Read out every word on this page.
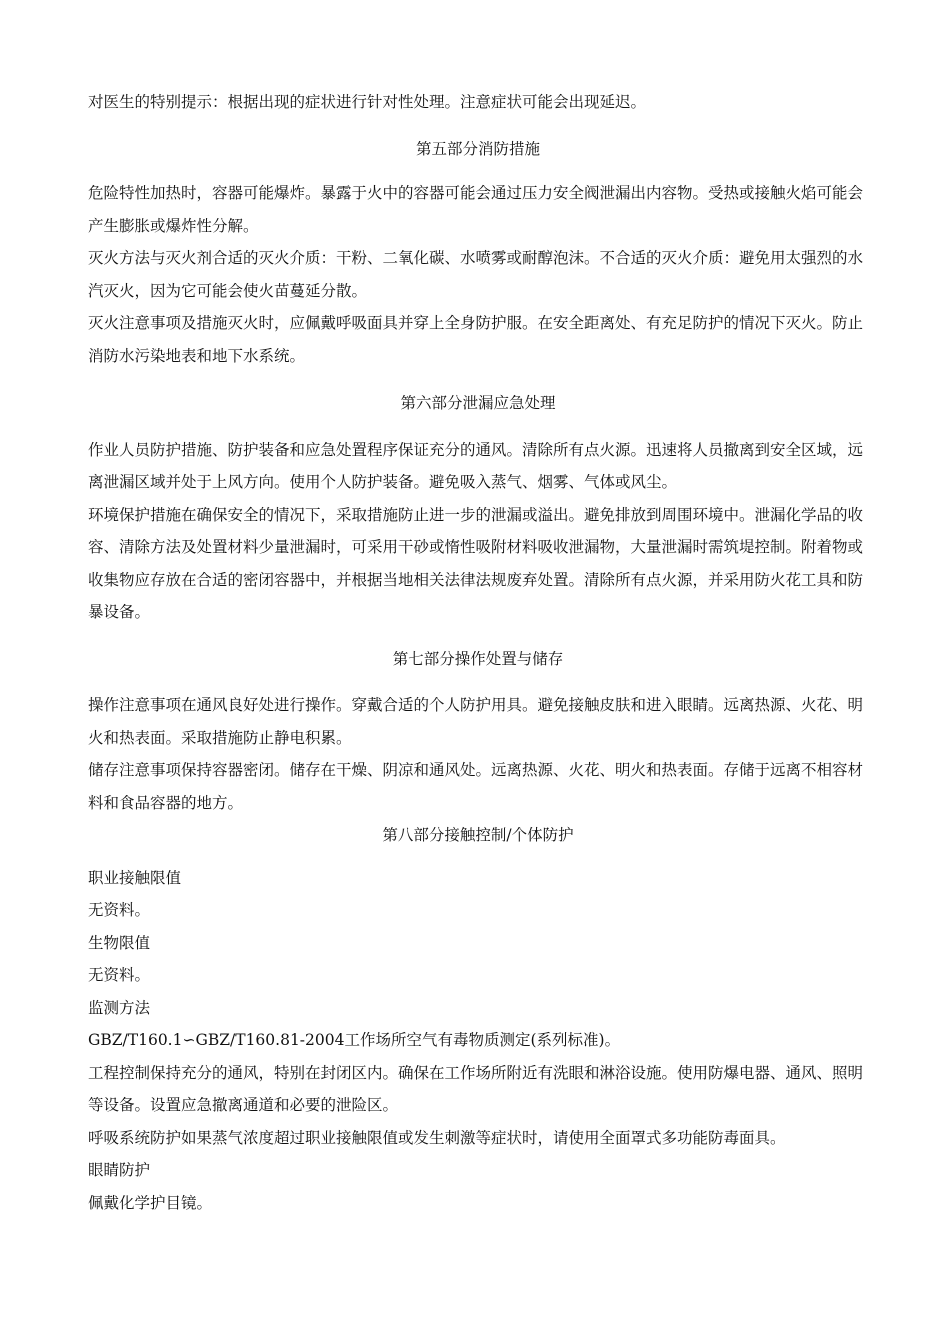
对医生的特别提示：根据出现的症状进行针对性处理。注意症状可能会出现延迟。

第五部分消防措施

危险特性加热时，容器可能爆炸。暴露于火中的容器可能会通过压力安全阀泄漏出内容物。受热或接触火焰可能会产生膨胀或爆炸性分解。

灭火方法与灭火剂合适的灭火介质：干粉、二氧化碳、水喷雾或耐醇泡沫。不合适的灭火介质：避免用太强烈的水汽灭火，因为它可能会使火苗蔓延分散。

灭火注意事项及措施灭火时，应佩戴呼吸面具并穿上全身防护服。在安全距离处、有充足防护的情况下灭火。防止消防水污染地表和地下水系统。

第六部分泄漏应急处理

作业人员防护措施、防护装备和应急处置程序保证充分的通风。清除所有点火源。迅速将人员撤离到安全区域，远离泄漏区域并处于上风方向。使用个人防护装备。避免吸入蒸气、烟雾、气体或风尘。

环境保护措施在确保安全的情况下，采取措施防止进一步的泄漏或溢出。避免排放到周围环境中。泄漏化学品的收容、清除方法及处置材料少量泄漏时，可采用干砂或惰性吸附材料吸收泄漏物，大量泄漏时需筑堤控制。附着物或收集物应存放在合适的密闭容器中，并根据当地相关法律法规废弃处置。清除所有点火源，并采用防火花工具和防暴设备。

第七部分操作处置与储存

操作注意事项在通风良好处进行操作。穿戴合适的个人防护用具。避免接触皮肤和进入眼睛。远离热源、火花、明火和热表面。采取措施防止静电积累。

储存注意事项保持容器密闭。储存在干燥、阴凉和通风处。远离热源、火花、明火和热表面。存储于远离不相容材料和食品容器的地方。

第八部分接触控制/个体防护

职业接触限值

无资料。

生物限值

无资料。

监测方法

GBZ/T160.1∽GBZ/T160.81-2004工作场所空气有毒物质测定(系列标准)。

工程控制保持充分的通风，特别在封闭区内。确保在工作场所附近有洗眼和淋浴设施。使用防爆电器、通风、照明等设备。设置应急撤离通道和必要的泄险区。

呼吸系统防护如果蒸气浓度超过职业接触限值或发生刺激等症状时，请使用全面罩式多功能防毒面具。

眼睛防护

佩戴化学护目镜。
